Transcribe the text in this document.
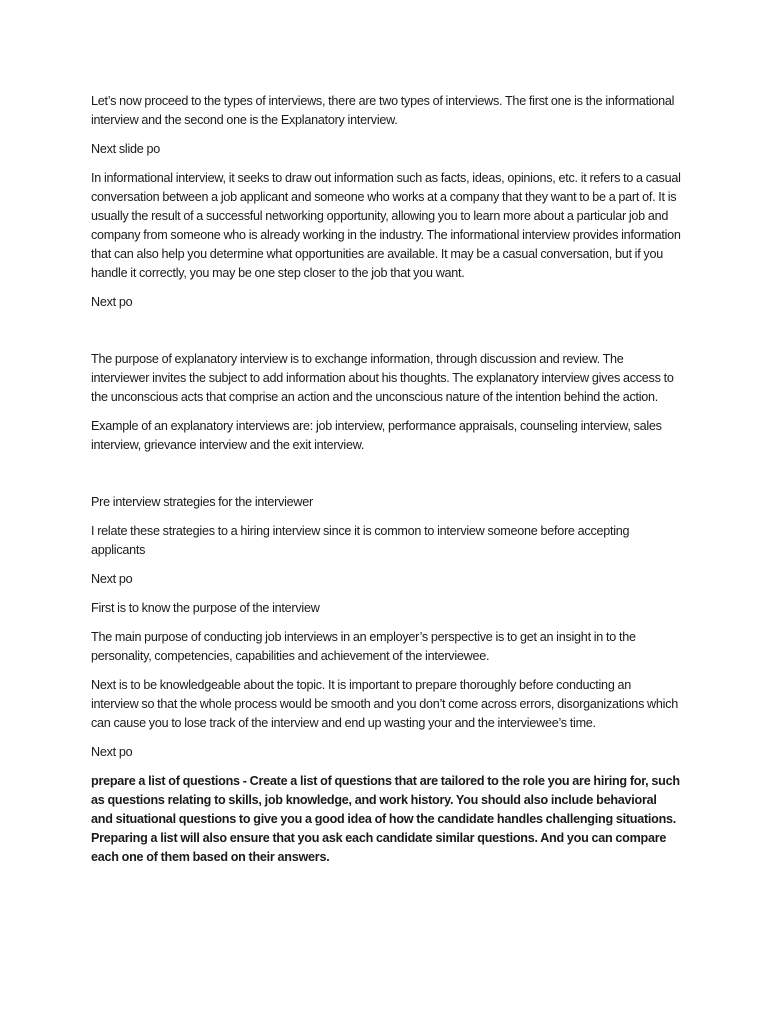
Let’s now proceed to the types of interviews, there are two types of interviews. The first one is the informational interview and the second one is the Explanatory interview.

Next slide po

In informational interview, it seeks to draw out information such as facts, ideas, opinions, etc. it refers to a casual conversation between a job applicant and someone who works at a company that they want to be a part of. It is usually the result of a successful networking opportunity, allowing you to learn more about a particular job and company from someone who is already working in the industry. The informational interview provides information that can also help you determine what opportunities are available. It may be a casual conversation, but if you handle it correctly, you may be one step closer to the job that you want.

Next po

The purpose of explanatory interview is to exchange information, through discussion and review. The interviewer invites the subject to add information about his thoughts. The explanatory interview gives access to the unconscious acts that comprise an action and the unconscious nature of the intention behind the action.

Example of an explanatory interviews are: job interview, performance appraisals, counseling interview, sales interview, grievance interview and the exit interview.

Pre interview strategies for the interviewer

I relate these strategies to a hiring interview since it is common to interview someone before accepting applicants

Next po

First is to know the purpose of the interview

The main purpose of conducting job interviews in an employer’s perspective is to get an insight in to the personality, competencies, capabilities and achievement of the interviewee.

Next is to be knowledgeable about the topic. It is important to prepare thoroughly before conducting an interview so that the whole process would be smooth and you don’t come across errors, disorganizations which can cause you to lose track of the interview and end up wasting your and the interviewee’s time.

Next po

prepare a list of questions - Create a list of questions that are tailored to the role you are hiring for, such as questions relating to skills, job knowledge, and work history. You should also include behavioral and situational questions to give you a good idea of how the candidate handles challenging situations. Preparing a list will also ensure that you ask each candidate similar questions. And you can compare each one of them based on their answers.
